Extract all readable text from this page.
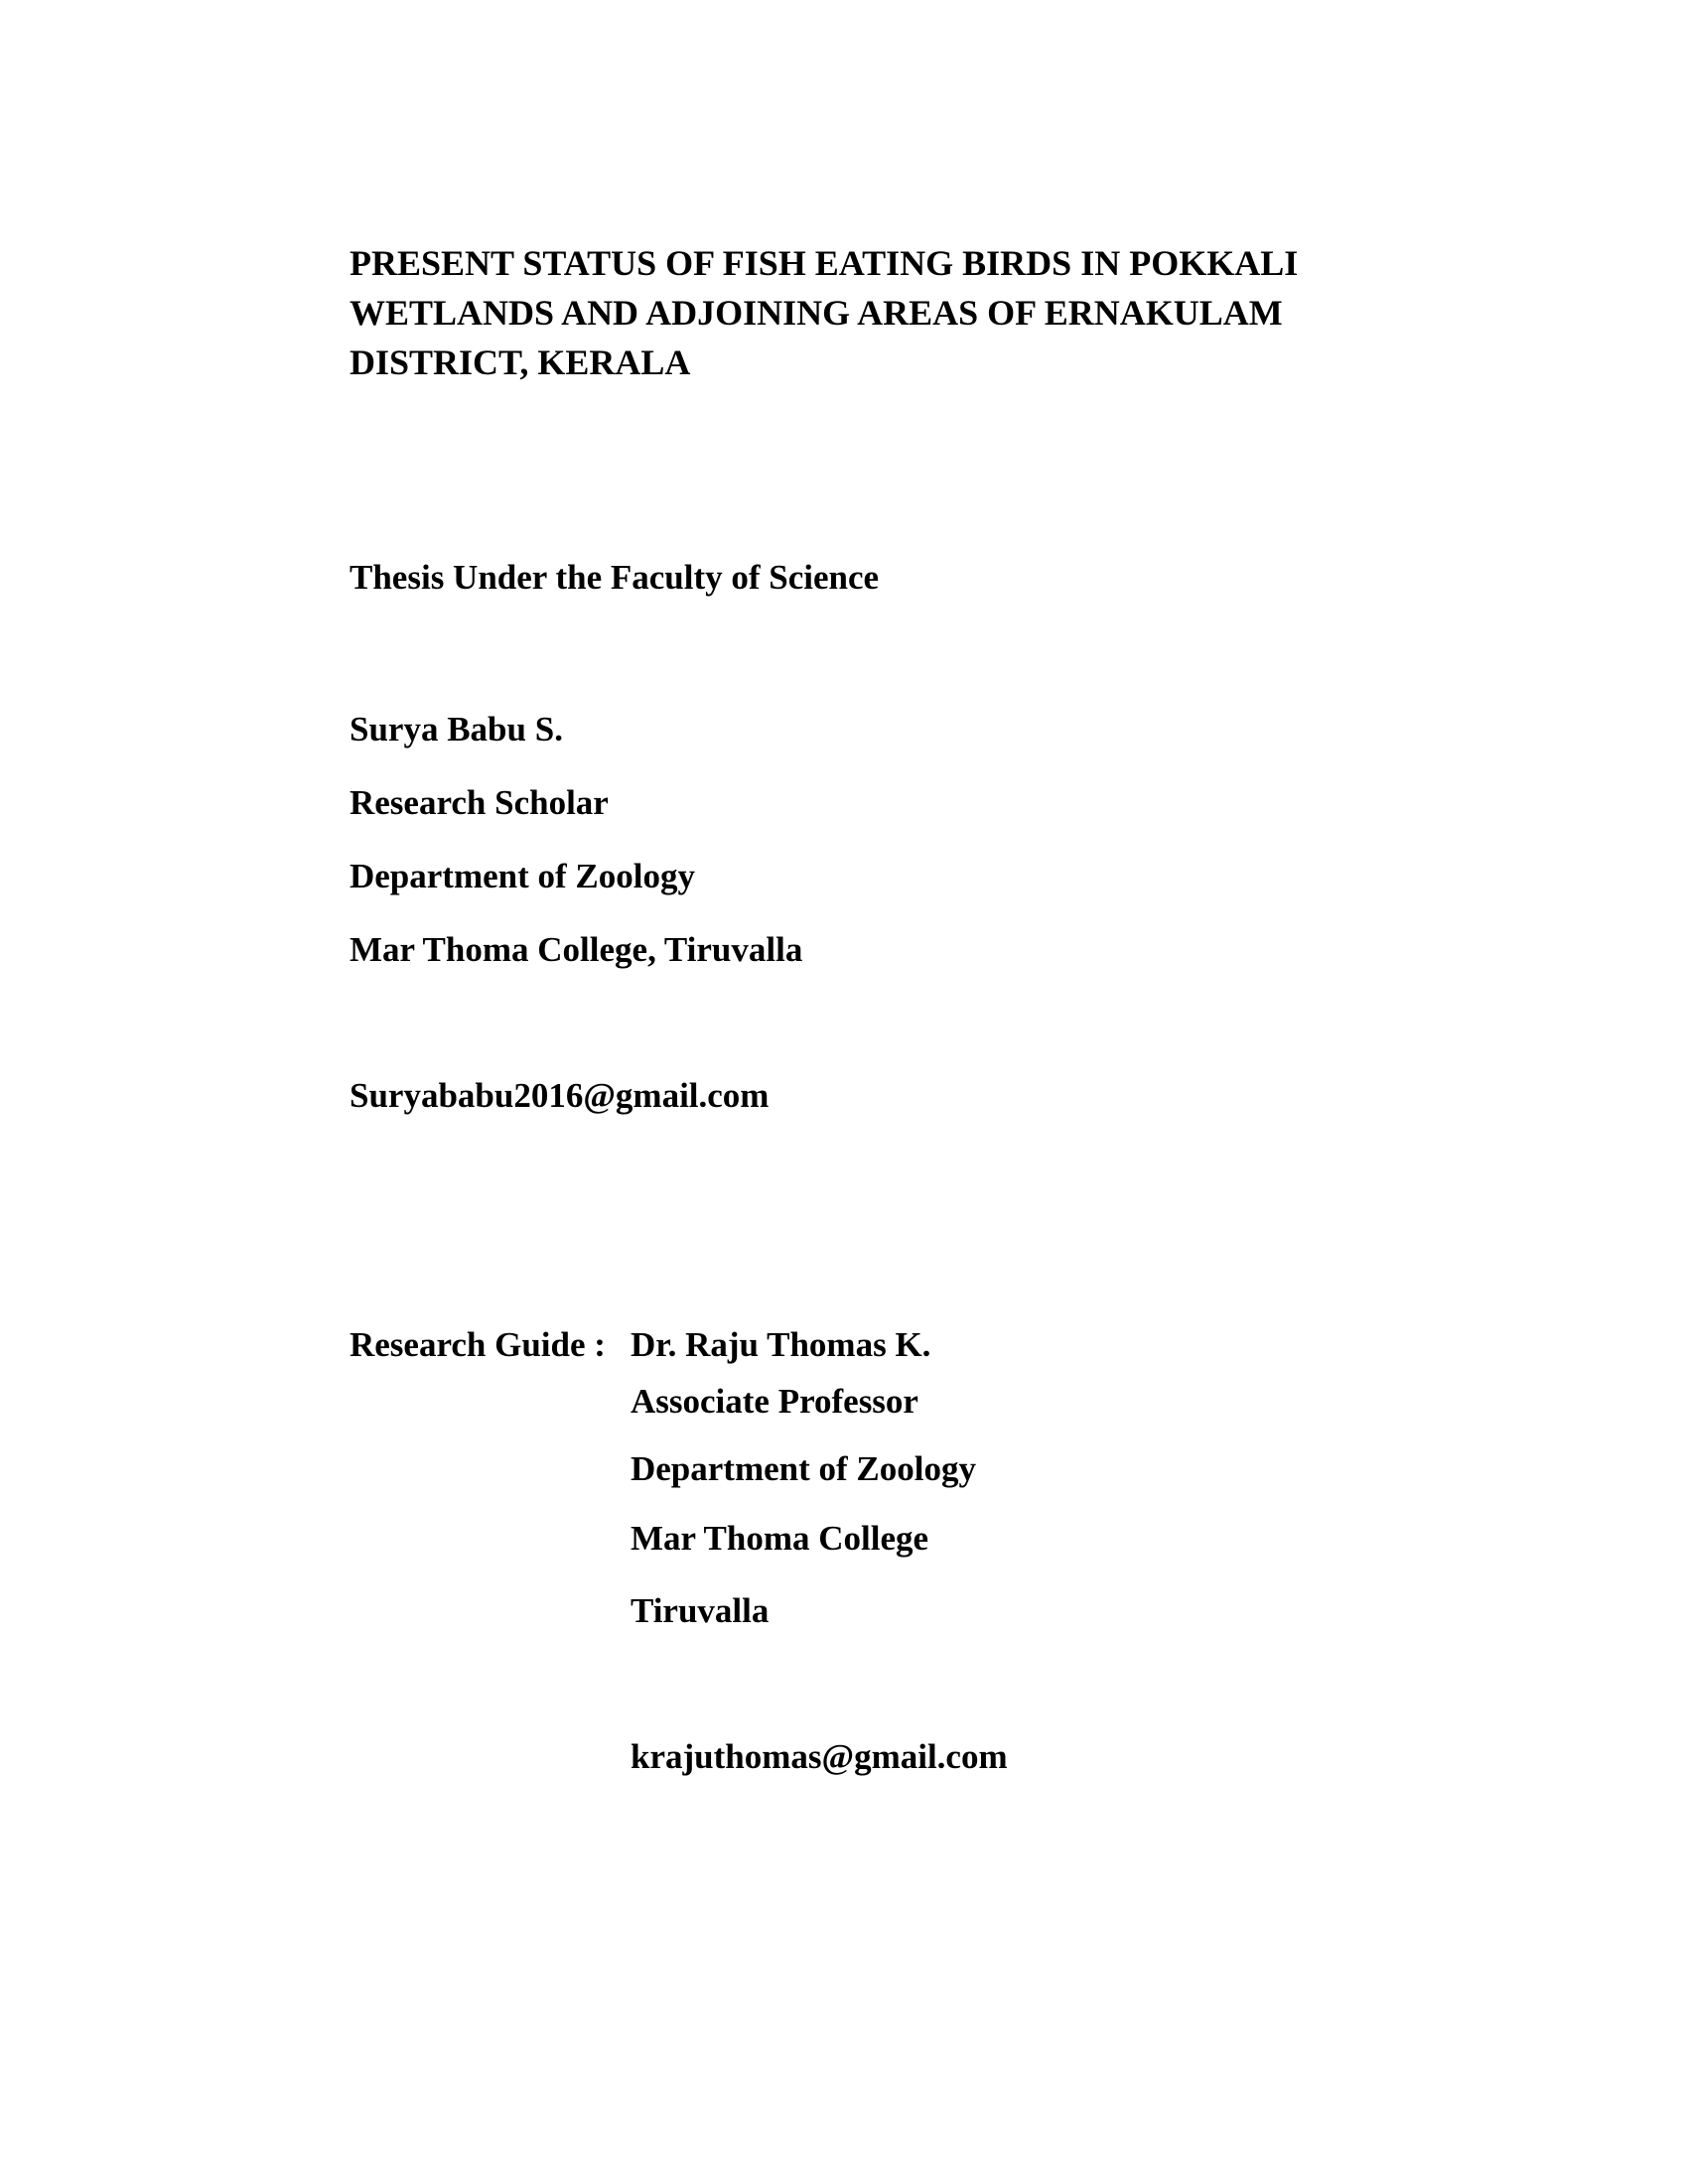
PRESENT STATUS OF FISH EATING BIRDS IN POKKALI
WETLANDS AND ADJOINING AREAS OF ERNAKULAM
DISTRICT, KERALA

Thesis Under the Faculty of Science

Surya Babu S.

Research Scholar

Department of Zoology

Mar Thoma College, Tiruvalla

Suryababu2016@gmail.com

Research Guide : Dr. Raju Thomas K.
Associate Professor
Department of Zoology
Mar Thoma College
Tiruvalla
krajuthomas@gmail.com
